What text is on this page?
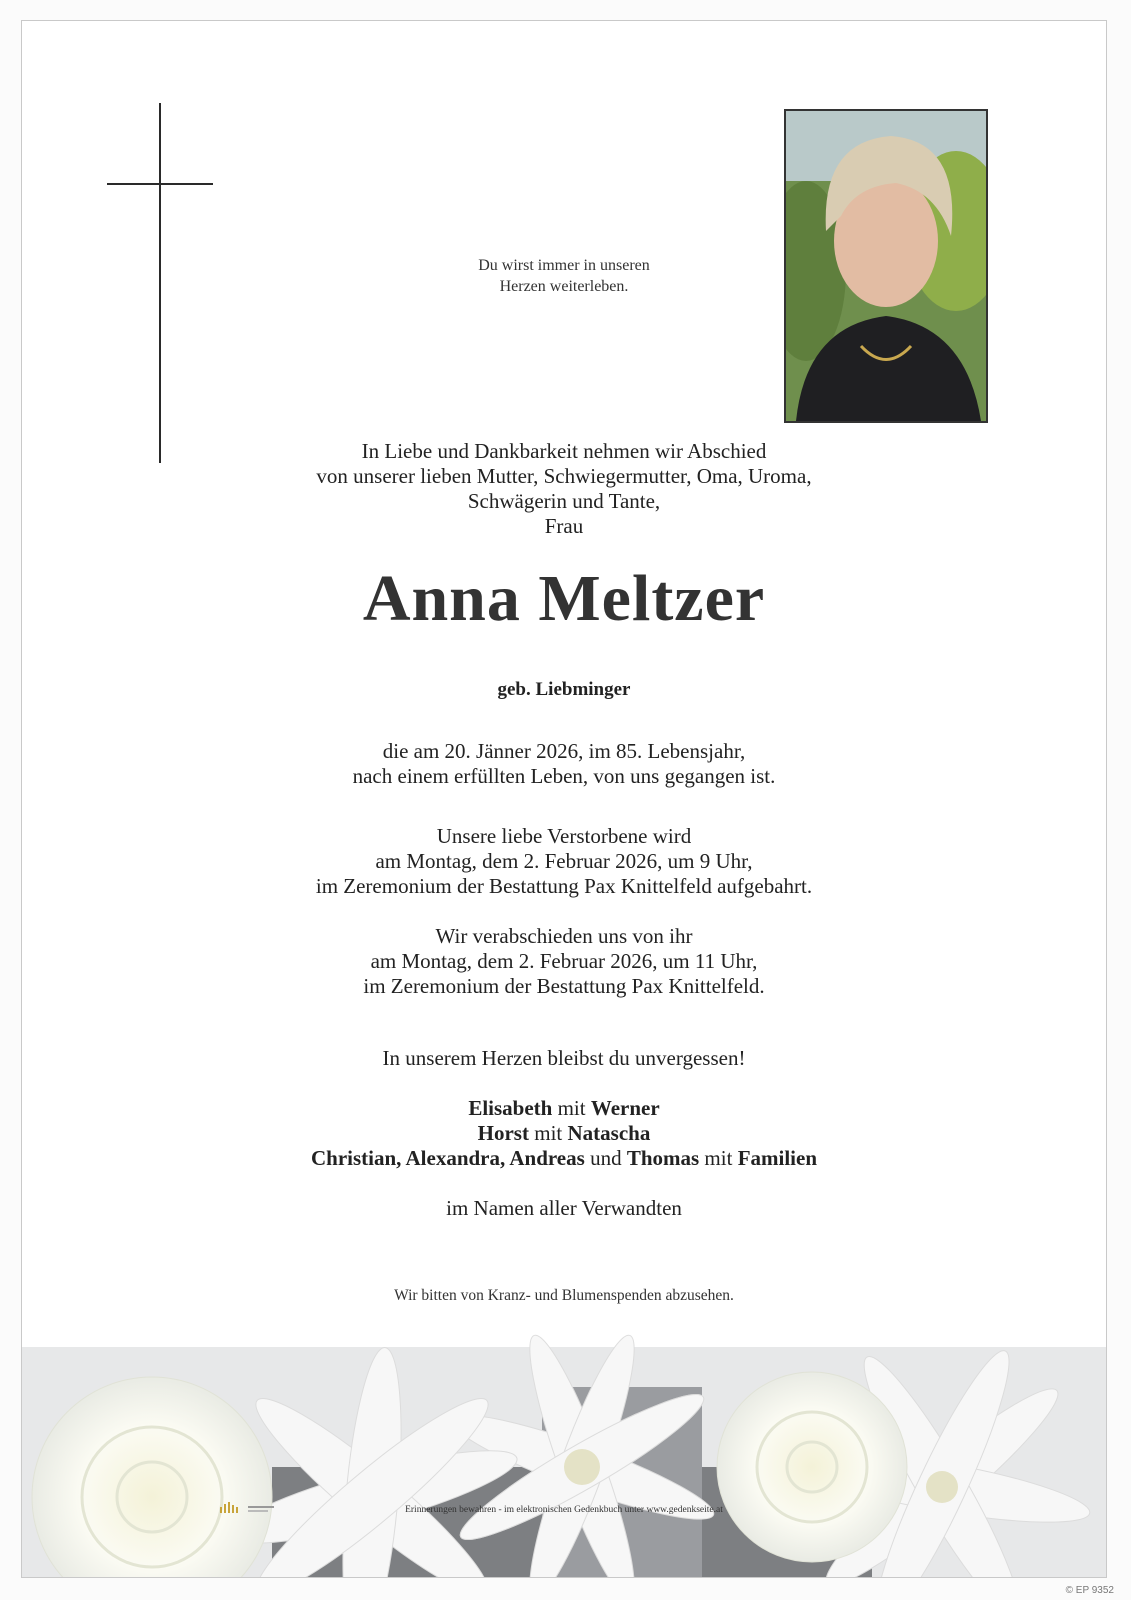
Du wirst immer in unseren
Herzen weiterleben.
In Liebe und Dankbarkeit nehmen wir Abschied
von unserer lieben Mutter, Schwiegermutter, Oma, Uroma,
Schwägerin und Tante,
Frau
Anna Meltzer
geb. Liebminger
die am 20. Jänner 2026, im 85. Lebensjahr,
nach einem erfüllten Leben, von uns gegangen ist.
Unsere liebe Verstorbene wird
am Montag, dem 2. Februar 2026, um 9 Uhr,
im Zeremonium der Bestattung Pax Knittelfeld aufgebahrt.
Wir verabschieden uns von ihr
am Montag, dem 2. Februar 2026, um 11 Uhr,
im Zeremonium der Bestattung Pax Knittelfeld.
In unserem Herzen bleibst du unvergessen!
Elisabeth mit Werner
Horst mit Natascha
Christian, Alexandra, Andreas und Thomas mit Familien
im Namen aller Verwandten
Wir bitten von Kranz- und Blumenspenden abzusehen.
Erinnerungen bewahren - im elektronischen Gedenkbuch unter www.gedenkseite.at
© EP 9352
